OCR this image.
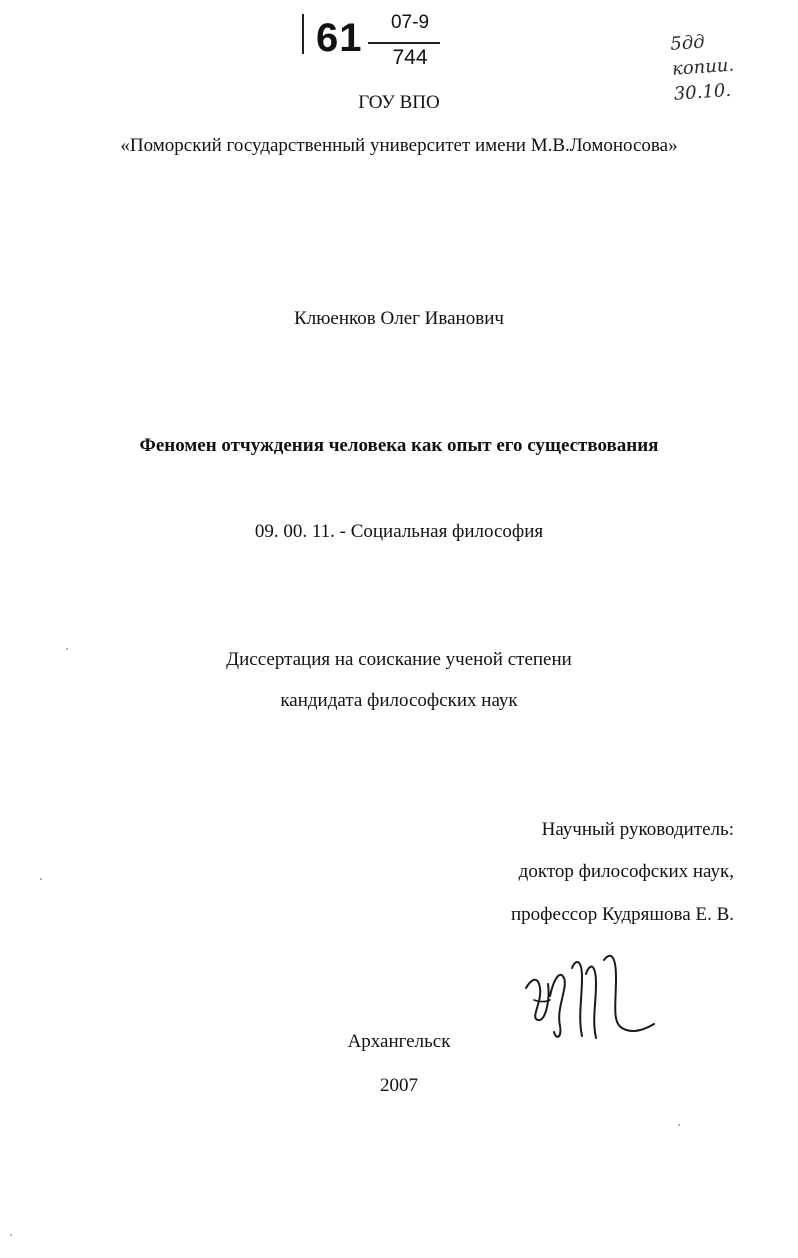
61	07-9
744
5дд
копии.
30.10.
ГОУ ВПО
«Поморский государственный университет имени М.В.Ломоносова»
Клюенков Олег Иванович
Феномен отчуждения человека как опыт его существования
09. 00. 11. - Социальная философия
Диссертация на соискание ученой степени
кандидата философских наук
Научный руководитель:
доктор философских наук,
профессор Кудряшова Е. В.
Архангельск
2007
